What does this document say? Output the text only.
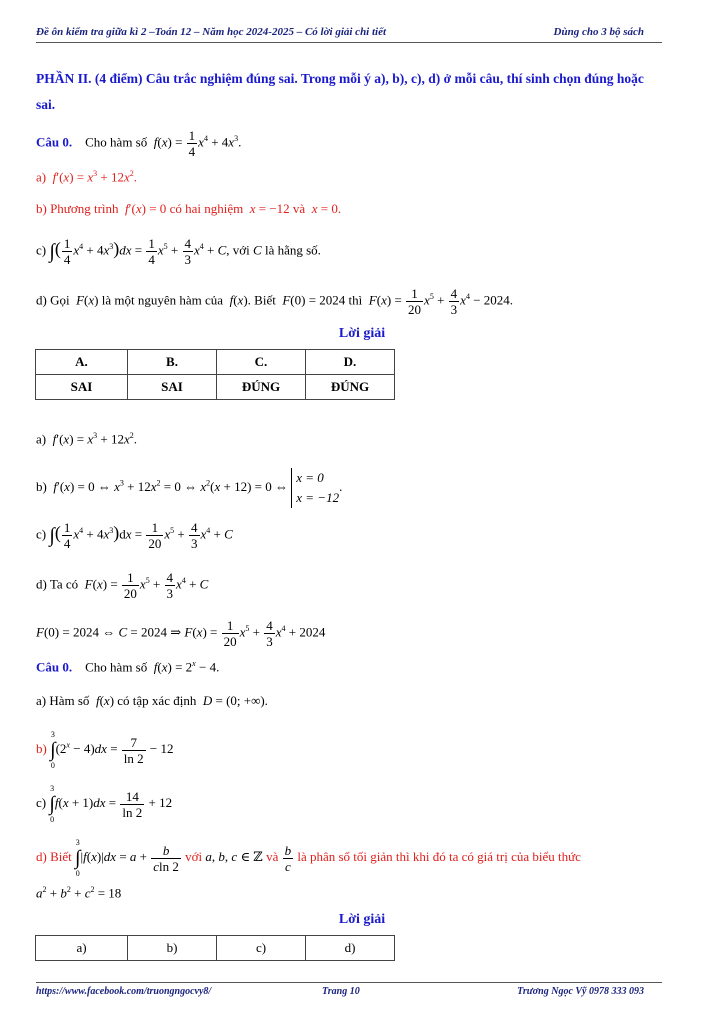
Đề ôn kiểm tra giữa kì 2 –Toán 12 – Năm học 2024-2025 – Có lời giải chi tiết	Dùng cho 3 bộ sách
PHẦN II. (4 điểm) Câu trắc nghiệm đúng sai. Trong mỗi ý a), b), c), d) ở mỗi câu, thí sinh chọn đúng hoặc sai.
Câu 0. Cho hàm số  $f(x) = \frac{1}{4} x^4 + 4x^3$.
a)  $f'(x) = x^3 + 12x^2$.
b) Phương trình  f′(x) = 0 có hai nghiệm  x = −12 và  x = 0.
c) ∫( $\frac{1}{4} x^4 + 4x^3)dx = \frac{1}{4} x^5 + \frac{4}{3} x^4 + C$, với C là hằng số.
d) Gọi  F(x) là một nguyên hàm của  f(x). Biết  F(0) = 2024 thì  $F(x) = \frac{1}{20} x^5 + \frac{4}{3} x^4 - 2024$.
Lời giải
A.	B.	C.	D.
SAI	SAI	ĐÚNG	ĐÚNG
a)  $f'(x) = x^3 + 12x^2$.
b)  f′(x) = 0 ⇔ $x^3 + 12x^2 = 0$ ⇔ $x^2(x + 12) = 0$ ⇔
x = 0
x = −12
.
c) ∫( $\frac{1}{4} x^4 + 4x^3)dx = \frac{1}{20} x^5 + \frac{4}{3} x^4 + C$
d) Ta có  $F(x) = \frac{1}{20} x^5 + \frac{4}{3} x^4 + C$
F(0) = 2024 ⇔ C = 2024 ⇒ $F(x) = \frac{1}{20} x^5 + \frac{4}{3} x^4 + 2024$
Câu 0. Cho hàm số  $f(x) = 2^x - 4$.
a) Hàm số  f(x) có tập xác định  D = (0; +∞).
b) 3
∫
$0(2^x - 4)dx = \frac{7}{\ln 2} - 12$
c) 3
∫
$0f(x + 1)dx = \frac{14}{\ln 2} + 12$
d) Biết 3
∫
$0|f(x)|dx = a + \frac{b}{cln 2}$ với a, b, c ∈ ℤ và $\frac{b}{c}$ là phân số tối giản thì khi đó ta có giá trị của biểu thức
$a^2 + b^2 + c^2 = 18$
Lời giải
a)	b)	c)	d)
https://www.facebook.com/truongngocvy8/	Trang 10	Trương Ngọc Vỹ 0978 333 093
